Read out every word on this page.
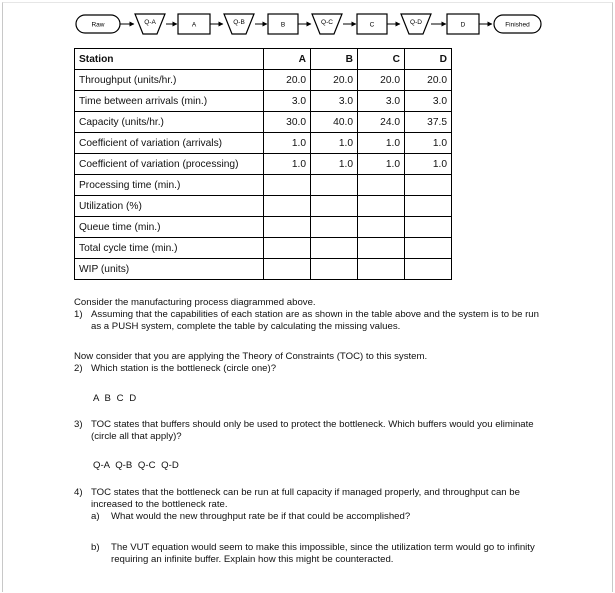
Raw	Q-A	A	Q-B	B	Q-C	C	Q-D	D	Finished
Station	A	B	C	D
Throughput (units/hr.)	20.0	20.0	20.0	20.0
Time between arrivals (min.)	3.0	3.0	3.0	3.0
Capacity (units/hr.)	30.0	40.0	24.0	37.5
Coefficient of variation (arrivals)	1.0	1.0	1.0	1.0
Coefficient of variation (processing)	1.0	1.0	1.0	1.0
Processing time (min.)				
Utilization (%)				
Queue time (min.)				
Total cycle time (min.)				
WIP (units)				
Consider the manufacturing process diagrammed above.
1) Assuming that the capabilities of each station are as shown in the table above and the system is to be run as a PUSH system, complete the table by calculating the missing values.
Now consider that you are applying the Theory of Constraints (TOC) to this system.
2) Which station is the bottleneck (circle one)?
A B C D
3) TOC states that buffers should only be used to protect the bottleneck. Which buffers would you eliminate (circle all that apply)?
Q-A Q-B Q-C Q-D
4) TOC states that the bottleneck can be run at full capacity if managed properly, and throughput can be increased to the bottleneck rate.
a)	What would the new throughput rate be if that could be accomplished?
b)	The VUT equation would seem to make this impossible, since the utilization term would go to infinity requiring an infinite buffer. Explain how this might be counteracted.
